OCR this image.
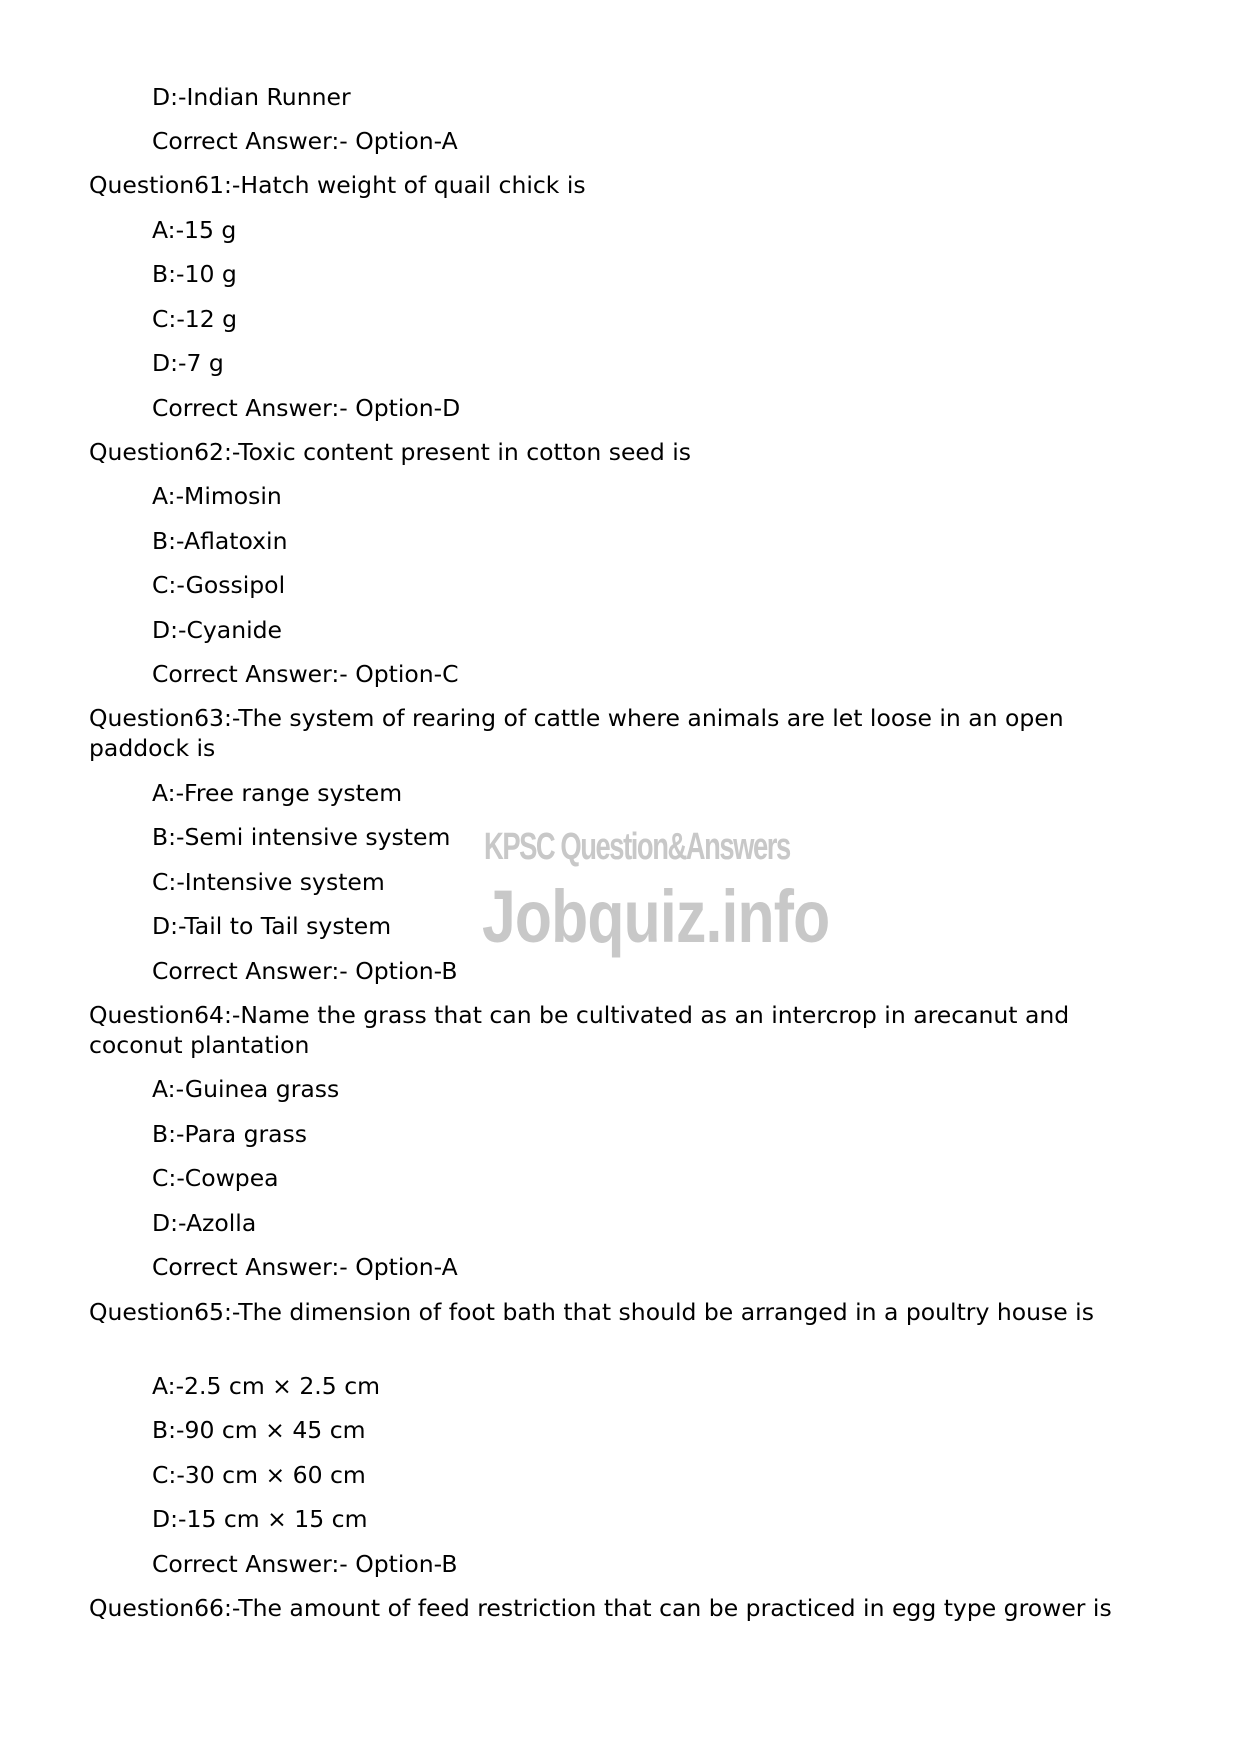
D:-Indian Runner
Correct Answer:- Option-A
Question61:-Hatch weight of quail chick is
A:-15 g
B:-10 g
C:-12 g
D:-7 g
Correct Answer:- Option-D
Question62:-Toxic content present in cotton seed is
A:-Mimosin
B:-Aflatoxin
C:-Gossipol
D:-Cyanide
Correct Answer:- Option-C
Question63:-The system of rearing of cattle where animals are let loose in an open paddock is
A:-Free range system
B:-Semi intensive system
C:-Intensive system
D:-Tail to Tail system
Correct Answer:- Option-B
Question64:-Name the grass that can be cultivated as an intercrop in arecanut and coconut plantation
A:-Guinea grass
B:-Para grass
C:-Cowpea
D:-Azolla
Correct Answer:- Option-A
Question65:-The dimension of foot bath that should be arranged in a poultry house is
A:-2.5 cm × 2.5 cm
B:-90 cm × 45 cm
C:-30 cm × 60 cm
D:-15 cm × 15 cm
Correct Answer:- Option-B
Question66:-The amount of feed restriction that can be practiced in egg type grower is
KPSC Question&Answers
Jobquiz.info
